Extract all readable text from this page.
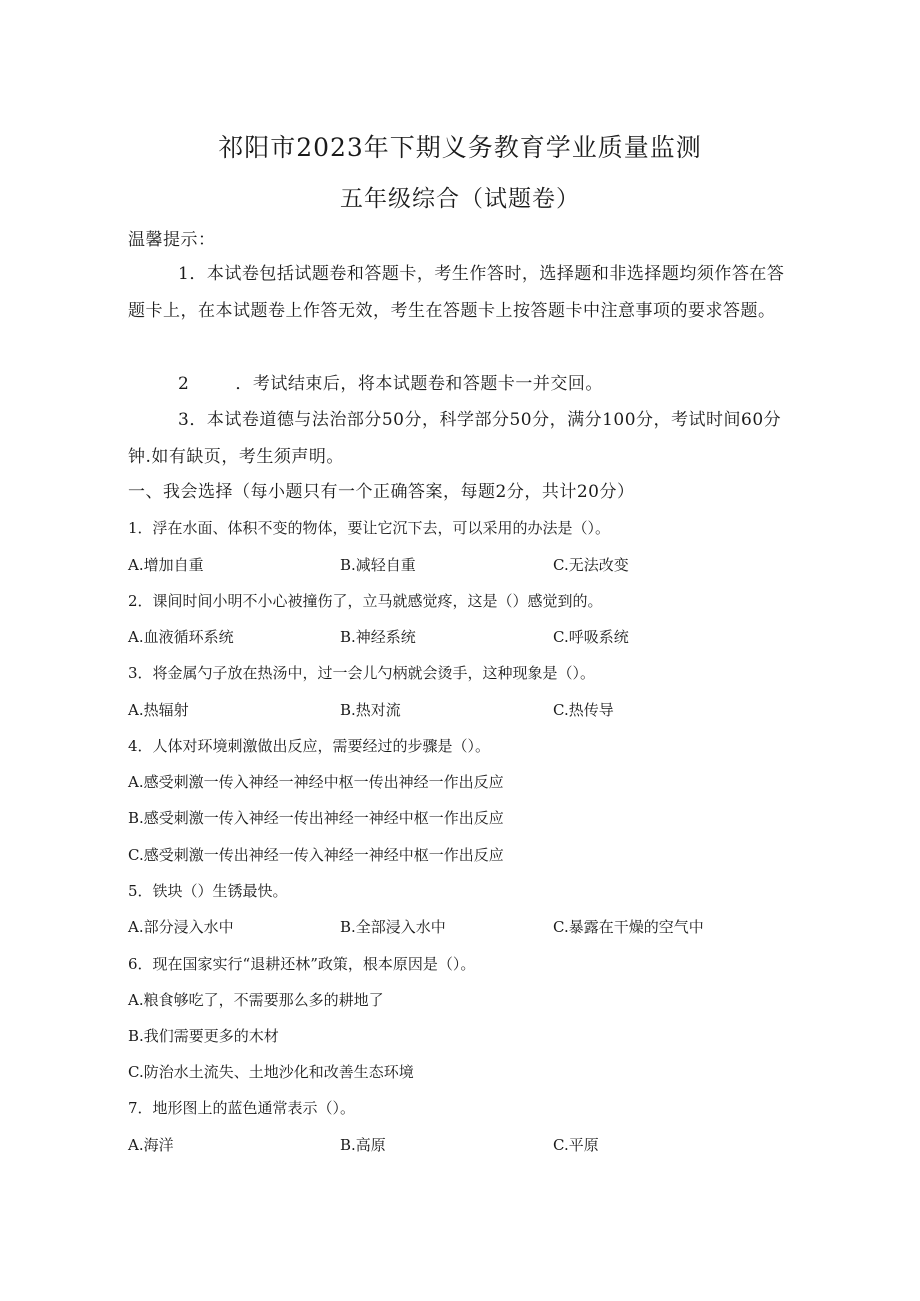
祁阳市2023年下期义务教育学业质量监测
五年级综合（试题卷）
温馨提示：
1．本试卷包括试题卷和答题卡，考生作答时，选择题和非选择题均须作答在答题卡上，在本试题卷上作答无效，考生在答题卡上按答题卡中注意事项的要求答题。
2	．考试结束后，将本试题卷和答题卡一并交回。
3．本试卷道德与法治部分50分，科学部分50分，满分100分，考试时间60分钟.如有缺页，考生须声明。
一、我会选择（每小题只有一个正确答案，每题2分，共计20分）
1．浮在水面、体积不变的物体，要让它沉下去，可以采用的办法是（）。
A.增加自重	B.减轻自重	C.无法改变
2．课间时间小明不小心被撞伤了，立马就感觉疼，这是（）感觉到的。
A.血液循环系统	B.神经系统	C.呼吸系统
3．将金属勺子放在热汤中，过一会儿勺柄就会烫手，这种现象是（）。
A.热辐射	B.热对流	C.热传导
4．人体对环境刺激做出反应，需要经过的步骤是（）。
A.感受刺激一传入神经一神经中枢一传出神经一作出反应
B.感受刺激一传入神经一传出神经一神经中枢一作出反应
C.感受刺激一传出神经一传入神经一神经中枢一作出反应
5．铁块（）生锈最快。
A.部分浸入水中	B.全部浸入水中	C.暴露在干燥的空气中
6．现在国家实行“退耕还林”政策，根本原因是（）。
A.粮食够吃了，不需要那么多的耕地了
B.我们需要更多的木材
C.防治水土流失、土地沙化和改善生态环境
7．地形图上的蓝色通常表示（）。
A.海洋	B.高原	C.平原
